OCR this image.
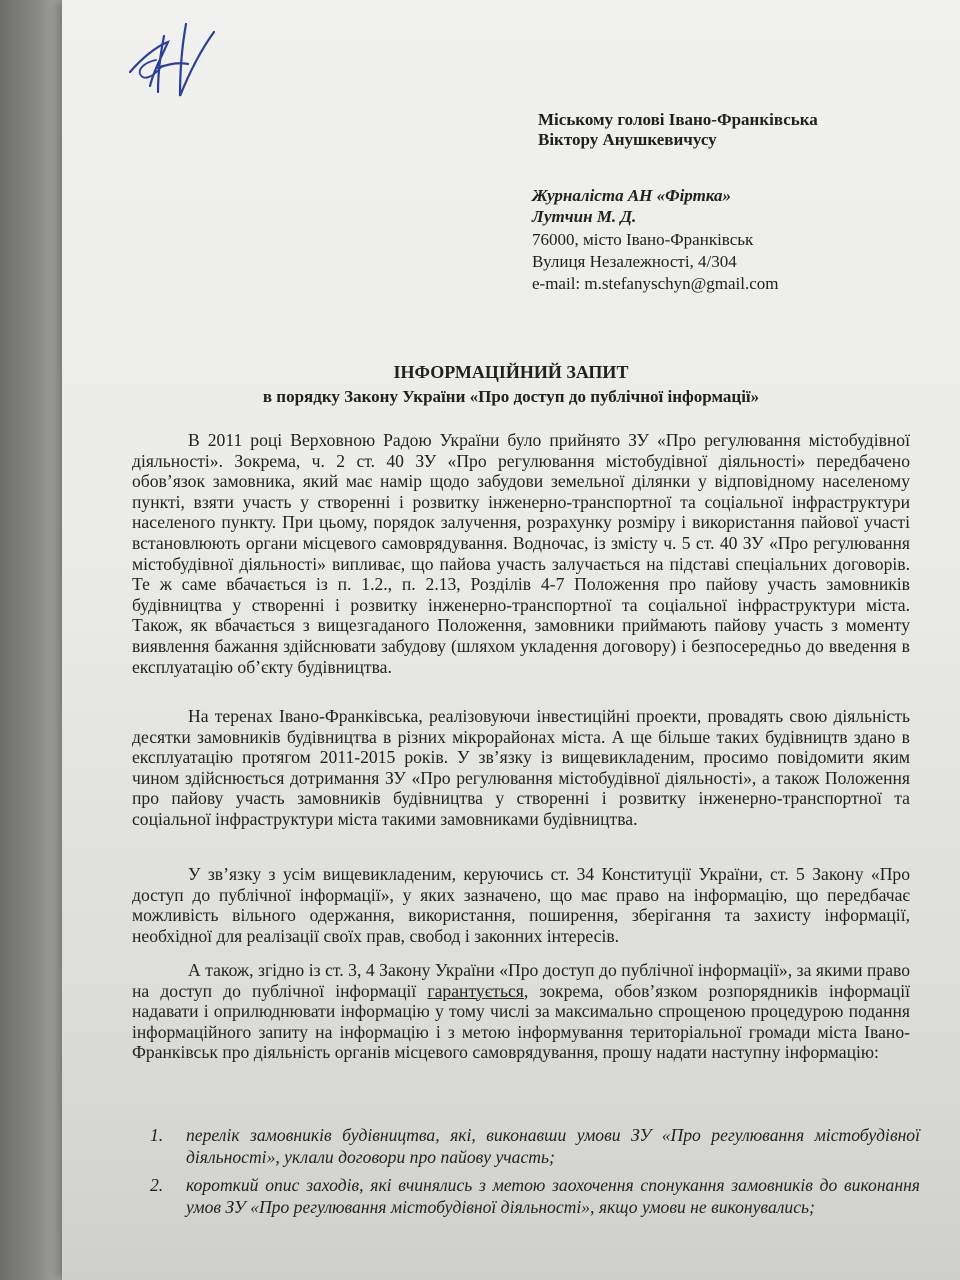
Міському голові Івано-Франківська

Віктору Анушкевичусу

Журналіста АН «Фіртка»

Лутчин М. Д.

76000, місто Івано-Франківськ

Вулиця Незалежності, 4/304

e-mail: m.stefanyschyn@gmail.com

ІНФОРМАЦІЙНИЙ ЗАПИТ

в порядку Закону України «Про доступ до публічної інформації»

В 2011 році Верховною Радою України було прийнято ЗУ «Про регулювання містобудівної діяльності». Зокрема, ч. 2 ст. 40 ЗУ «Про регулювання містобудівної діяльності» передбачено обов’язок замовника, який має намір щодо забудови земельної ділянки у відповідному населеному пункті, взяти участь у створенні і розвитку інженерно-транспортної та соціальної інфраструктури населеного пункту. При цьому, порядок залучення, розрахунку розміру і використання пайової участі встановлюють органи місцевого самоврядування. Водночас, із змісту ч. 5 ст. 40 ЗУ «Про регулювання містобудівної діяльності» випливає, що пайова участь залучається на підставі спеціальних договорів. Те ж саме вбачається із п. 1.2., п. 2.13, Розділів 4-7 Положення про пайову участь замовників будівництва у створенні і розвитку інженерно-транспортної та соціальної інфраструктури міста. Також, як вбачається з вищезгаданого Положення, замовники приймають пайову участь з моменту виявлення бажання здійснювати забудову (шляхом укладення договору) і безпосередньо до введення в експлуатацію об’єкту будівництва.

На теренах Івано-Франківська, реалізовуючи інвестиційні проекти, провадять свою діяльність десятки замовників будівництва в різних мікрорайонах міста. А ще більше таких будівництв здано в експлуатацію протягом 2011-2015 років. У зв’язку із вищевикладеним, просимо повідомити яким чином здійснюється дотримання ЗУ «Про регулювання містобудівної діяльності», а також Положення про пайову участь замовників будівництва у створенні і розвитку інженерно-транспортної та соціальної інфраструктури міста такими замовниками будівництва.

У зв’язку з усім вищевикладеним, керуючись ст. 34 Конституції України, ст. 5 Закону «Про доступ до публічної інформації», у яких зазначено, що має право на інформацію, що передбачає можливість вільного одержання, використання, поширення, зберігання та захисту інформації, необхідної для реалізації своїх прав, свобод і законних інтересів.

А також, згідно із ст. 3, 4 Закону України «Про доступ до публічної інформації», за якими право на доступ до публічної інформації гарантується, зокрема, обов’язком розпорядників інформації надавати і оприлюднювати інформацію у тому числі за максимально спрощеною процедурою подання інформаційного запиту на інформацію і з метою інформування територіальної громади міста Івано-Франківськ про діяльність органів місцевого самоврядування, прошу надати наступну інформацію:

1. перелік замовників будівництва, які, виконавши умови ЗУ «Про регулювання містобудівної діяльності», уклали договори про пайову участь;
2. короткий опис заходів, які вчинялись з метою заохочення спонукання замовників до виконання умов ЗУ «Про регулювання містобудівної діяльності», якщо умови не виконувались;
